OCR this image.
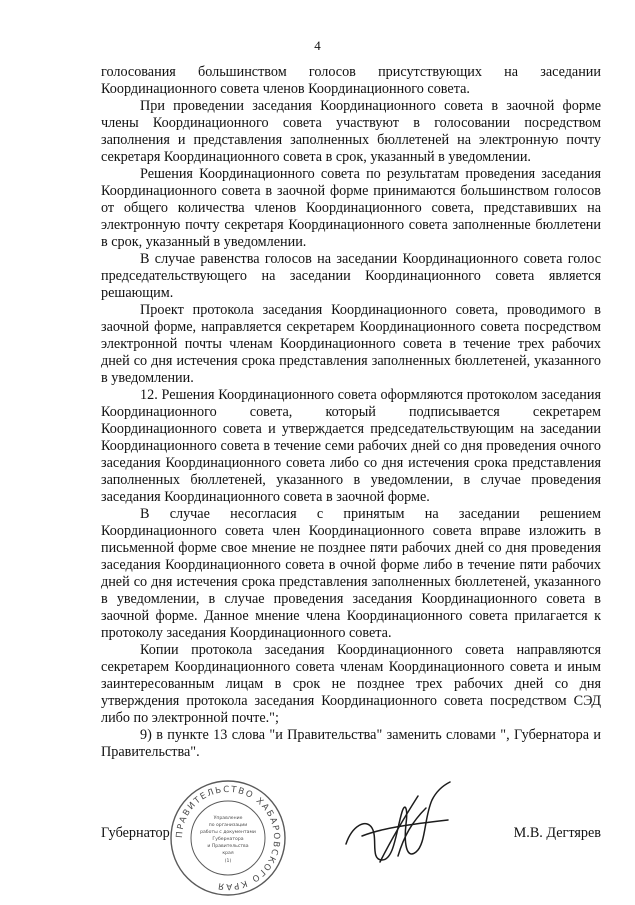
4

голосования большинством голосов присутствующих на заседании Координационного совета членов Координационного совета.

При проведении заседания Координационного совета в заочной форме члены Координационного совета участвуют в голосовании посредством заполнения и представления заполненных бюллетеней на электронную почту секретаря Координационного совета в срок, указанный в уведомлении.

Решения Координационного совета по результатам проведения заседания Координационного совета в заочной форме принимаются большинством голосов от общего количества членов Координационного совета, представивших на электронную почту секретаря Координационного совета заполненные бюллетени в срок, указанный в уведомлении.

В случае равенства голосов на заседании Координационного совета голос председательствующего на заседании Координационного совета является решающим.

Проект протокола заседания Координационного совета, проводимого в заочной форме, направляется секретарем Координационного совета посредством электронной почты членам Координационного совета в течение трех рабочих дней со дня истечения срока представления заполненных бюллетеней, указанного в уведомлении.

12. Решения Координационного совета оформляются протоколом заседания Координационного совета, который подписывается секретарем Координационного совета и утверждается председательствующим на заседании Координационного совета в течение семи рабочих дней со дня проведения очного заседания Координационного совета либо со дня истечения срока представления заполненных бюллетеней, указанного в уведомлении, в случае проведения заседания Координационного совета в заочной форме.

В случае несогласия с принятым на заседании решением Координационного совета член Координационного совета вправе изложить в письменной форме свое мнение не позднее пяти рабочих дней со дня проведения заседания Координационного совета в очной форме либо в течение пяти рабочих дней со дня истечения срока представления заполненных бюллетеней, указанного в уведомлении, в случае проведения заседания Координационного совета в заочной форме. Данное мнение члена Координационного совета прилагается к протоколу заседания Координационного совета.

Копии протокола заседания Координационного совета направляются секретарем Координационного совета членам Координационного совета и иным заинтересованным лицам в срок не позднее трех рабочих дней со дня утверждения протокола заседания Координационного совета посредством СЭД либо по электронной почте.";

9) в пункте 13 слова "и Правительства" заменить словами ", Губернатора и Правительства".

Губернатор	М.В. Дегтярев
ПРАВИТЕЛЬСТВО ХАБАРОВСКОГО КРАЯ
Управление
по организации
работы с документами
Губернатора
и Правительства
края
(1)
